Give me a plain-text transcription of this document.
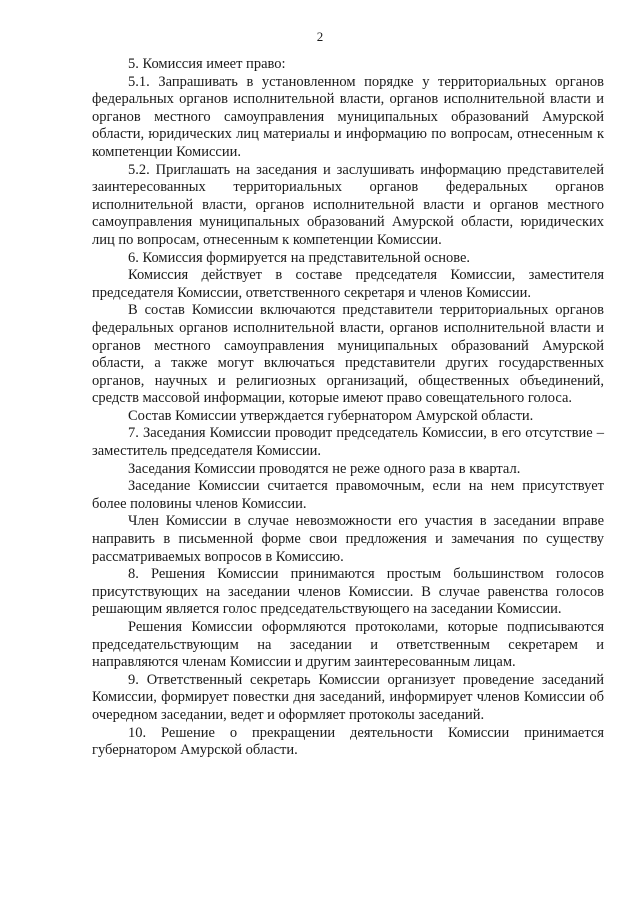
2

5. Комиссия имеет право:

5.1. Запрашивать в установленном порядке у территориальных органов федеральных органов исполнительной власти, органов исполнительной власти и органов местного самоуправления муниципальных образований Амурской области, юридических лиц материалы и информацию по вопросам, отнесенным к компетенции Комиссии.

5.2. Приглашать на заседания и заслушивать информацию представителей заинтересованных территориальных органов федеральных органов исполнительной власти, органов исполнительной власти и органов местного самоуправления муниципальных образований Амурской области, юридических лиц по вопросам, отнесенным к компетенции Комиссии.

6. Комиссия формируется на представительной основе.

Комиссия действует в составе председателя Комиссии, заместителя председателя Комиссии, ответственного секретаря и членов Комиссии.

В состав Комиссии включаются представители территориальных органов федеральных органов исполнительной власти, органов исполнительной власти и органов местного самоуправления муниципальных образований Амурской области, а также могут включаться представители других государственных органов, научных и религиозных организаций, общественных объединений, средств массовой информации, которые имеют право совещательного голоса.

Состав Комиссии утверждается губернатором Амурской области.

7. Заседания Комиссии проводит председатель Комиссии, в его отсутствие – заместитель председателя Комиссии.

Заседания Комиссии проводятся не реже одного раза в квартал.

Заседание Комиссии считается правомочным, если на нем присутствует более половины членов Комиссии.

Член Комиссии в случае невозможности его участия в заседании вправе направить в письменной форме свои предложения и замечания по существу рассматриваемых вопросов в Комиссию.

8. Решения Комиссии принимаются простым большинством голосов присутствующих на заседании членов Комиссии. В случае равенства голосов решающим является голос председательствующего на заседании Комиссии.

Решения Комиссии оформляются протоколами, которые подписываются председательствующим на заседании и ответственным секретарем и направляются членам Комиссии и другим заинтересованным лицам.

9. Ответственный секретарь Комиссии организует проведение заседаний Комиссии, формирует повестки дня заседаний, информирует членов Комиссии об очередном заседании, ведет и оформляет протоколы заседаний.

10. Решение о прекращении деятельности Комиссии принимается губернатором Амурской области.
